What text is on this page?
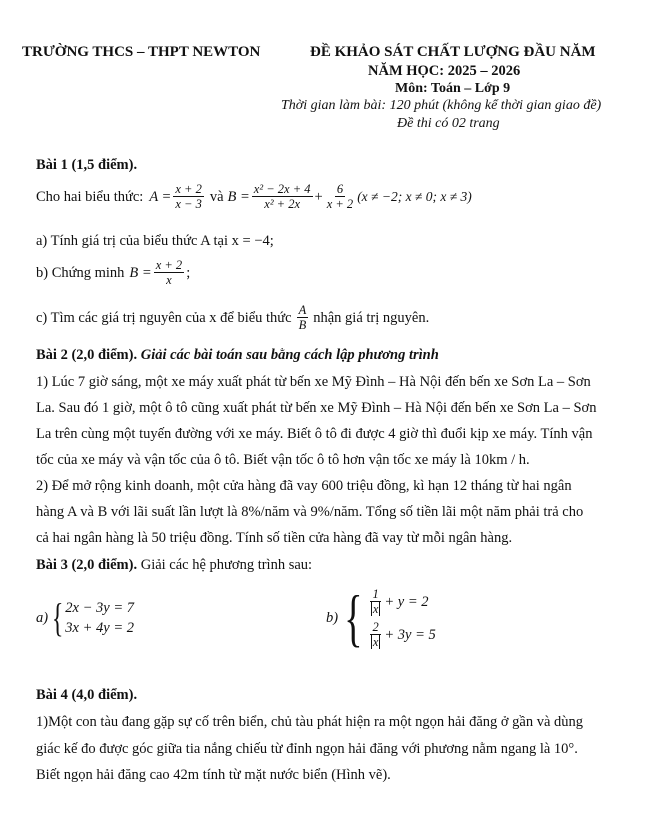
TRƯỜNG THCS – THPT NEWTON	ĐỀ KHẢO SÁT CHẤT LƯỢNG ĐẦU NĂM
NĂM HỌC: 2025 – 2026
Môn: Toán – Lớp 9
Thời gian làm bài: 120 phút (không kể thời gian giao đề)
Đề thi có 02 trang
Bài 1 (1,5 điểm).
Cho hai biểu thức: $A = \frac{x + 2}{x - 3}$ và $B = \frac{\text{x² − 2x + 4}}{\text{x² + 2x}} + \frac{6}{x + 2} (x \ne -2$; x ≠ 0; x ≠ 3)
a) Tính giá trị của biểu thức A tại x = −4;
b) Chứng minh $B = \frac{x + 2}{x}$ ;
c) Tìm các giá trị nguyên của x để biểu thức $\frac{A}{B}$ nhận giá trị nguyên.
Bài 2 (2,0 điểm). Giải các bài toán sau bằng cách lập phương trình
1) Lúc 7 giờ sáng, một xe máy xuất phát từ bến xe Mỹ Đình – Hà Nội đến bến xe Sơn La – Sơn
La. Sau đó 1 giờ, một ô tô cũng xuất phát từ bến xe Mỹ Đình – Hà Nội đến bến xe Sơn La – Sơn
La trên cùng một tuyến đường với xe máy. Biết ô tô đi được 4 giờ thì đuổi kịp xe máy. Tính vận
tốc của xe máy và vận tốc của ô tô. Biết vận tốc ô tô hơn vận tốc xe máy là 10km / h.
2) Để mở rộng kinh doanh, một cửa hàng đã vay 600 triệu đồng, kì hạn 12 tháng từ hai ngân
hàng A và B với lãi suất lần lượt là 8%/năm và 9%/năm. Tổng số tiền lãi một năm phải trả cho
cả hai ngân hàng là 50 triệu đồng. Tính số tiền cửa hàng đã vay từ mỗi ngân hàng.
Bài 3 (2,0 điểm). Giải các hệ phương trình sau:
a) { 2x − 3y = 7
3x + 4y = 2
b) { $\frac{1}{x} + y = 2$
$\frac{2}{x} + 3y = 5$
Bài 4 (4,0 điểm).
1)Một con tàu đang gặp sự cố trên biển, chủ tàu phát hiện ra một ngọn hải đăng ở gần và dùng
giác kế đo được góc giữa tia nắng chiếu từ đỉnh ngọn hải đăng với phương nằm ngang là 10°.
Biết ngọn hải đăng cao 42m tính từ mặt nước biển (Hình vẽ).
